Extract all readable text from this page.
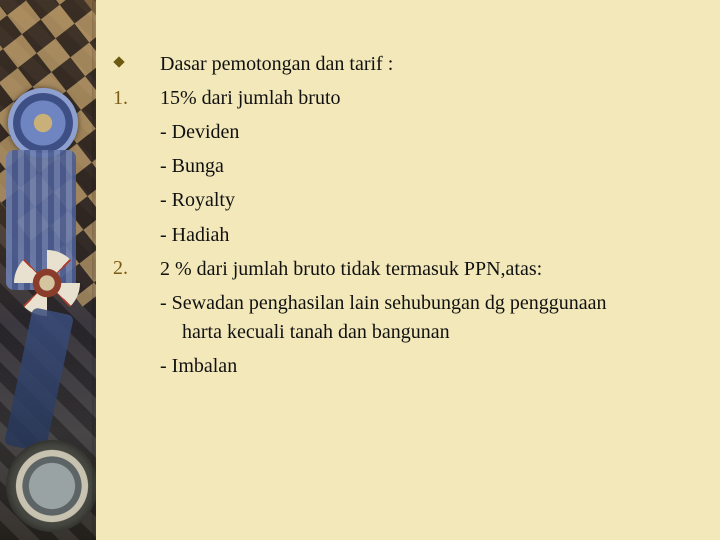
1.
2.
Dasar pemotongan dan tarif :
15% dari jumlah bruto
- Deviden
- Bunga
- Royalty
- Hadiah
2 % dari jumlah bruto tidak termasuk PPN,atas:
- Sewadan penghasilan lain sehubungan dg penggunaan
harta kecuali tanah dan bangunan
- Imbalan
